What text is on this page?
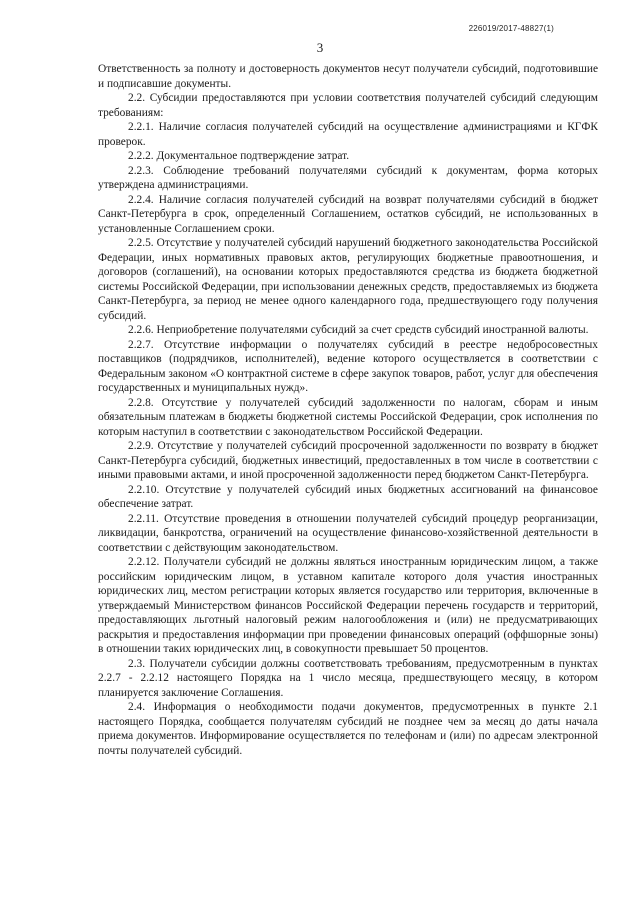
226019/2017-48827(1)
3

Ответственность за полноту и достоверность документов несут получатели субсидий, подготовившие и подписавшие документы.

2.2. Субсидии предоставляются при условии соответствия получателей субсидий следующим требованиям:

2.2.1. Наличие согласия получателей субсидий на осуществление администрациями и КГФК проверок.

2.2.2. Документальное подтверждение затрат.

2.2.3. Соблюдение требований получателями субсидий к документам, форма которых утверждена администрациями.

2.2.4. Наличие согласия получателей субсидий на возврат получателями субсидий в бюджет Санкт-Петербурга в срок, определенный Соглашением, остатков субсидий, не использованных в установленные Соглашением сроки.

2.2.5. Отсутствие у получателей субсидий нарушений бюджетного законодательства Российской Федерации, иных нормативных правовых актов, регулирующих бюджетные правоотношения, и договоров (соглашений), на основании которых предоставляются средства из бюджета бюджетной системы Российской Федерации, при использовании денежных средств, предоставляемых из бюджета Санкт-Петербурга, за период не менее одного календарного года, предшествующего году получения субсидий.

2.2.6. Неприобретение получателями субсидий за счет средств субсидий иностранной валюты.

2.2.7. Отсутствие информации о получателях субсидий в реестре недобросовестных поставщиков (подрядчиков, исполнителей), ведение которого осуществляется в соответствии с Федеральным законом «О контрактной системе в сфере закупок товаров, работ, услуг для обеспечения государственных и муниципальных нужд».

2.2.8. Отсутствие у получателей субсидий задолженности по налогам, сборам и иным обязательным платежам в бюджеты бюджетной системы Российской Федерации, срок исполнения по которым наступил в соответствии с законодательством Российской Федерации.

2.2.9. Отсутствие у получателей субсидий просроченной задолженности по возврату в бюджет Санкт-Петербурга субсидий, бюджетных инвестиций, предоставленных в том числе в соответствии с иными правовыми актами, и иной просроченной задолженности перед бюджетом Санкт-Петербурга.

2.2.10. Отсутствие у получателей субсидий иных бюджетных ассигнований на финансовое обеспечение затрат.

2.2.11. Отсутствие проведения в отношении получателей субсидий процедур реорганизации, ликвидации, банкротства, ограничений на осуществление финансово-хозяйственной деятельности в соответствии с действующим законодательством.

2.2.12. Получатели субсидий не должны являться иностранным юридическим лицом, а также российским юридическим лицом, в уставном капитале которого доля участия иностранных юридических лиц, местом регистрации которых является государство или территория, включенные в утверждаемый Министерством финансов Российской Федерации перечень государств и территорий, предоставляющих льготный налоговый режим налогообложения и (или) не предусматривающих раскрытия и предоставления информации при проведении финансовых операций (оффшорные зоны) в отношении таких юридических лиц, в совокупности превышает 50 процентов.

2.3. Получатели субсидии должны соответствовать требованиям, предусмотренным в пунктах 2.2.7 - 2.2.12 настоящего Порядка на 1 число месяца, предшествующего месяцу, в котором планируется заключение Соглашения.

2.4. Информация о необходимости подачи документов, предусмотренных в пункте 2.1 настоящего Порядка, сообщается получателям субсидий не позднее чем за месяц до даты начала приема документов. Информирование осуществляется по телефонам и (или) по адресам электронной почты получателей субсидий.
